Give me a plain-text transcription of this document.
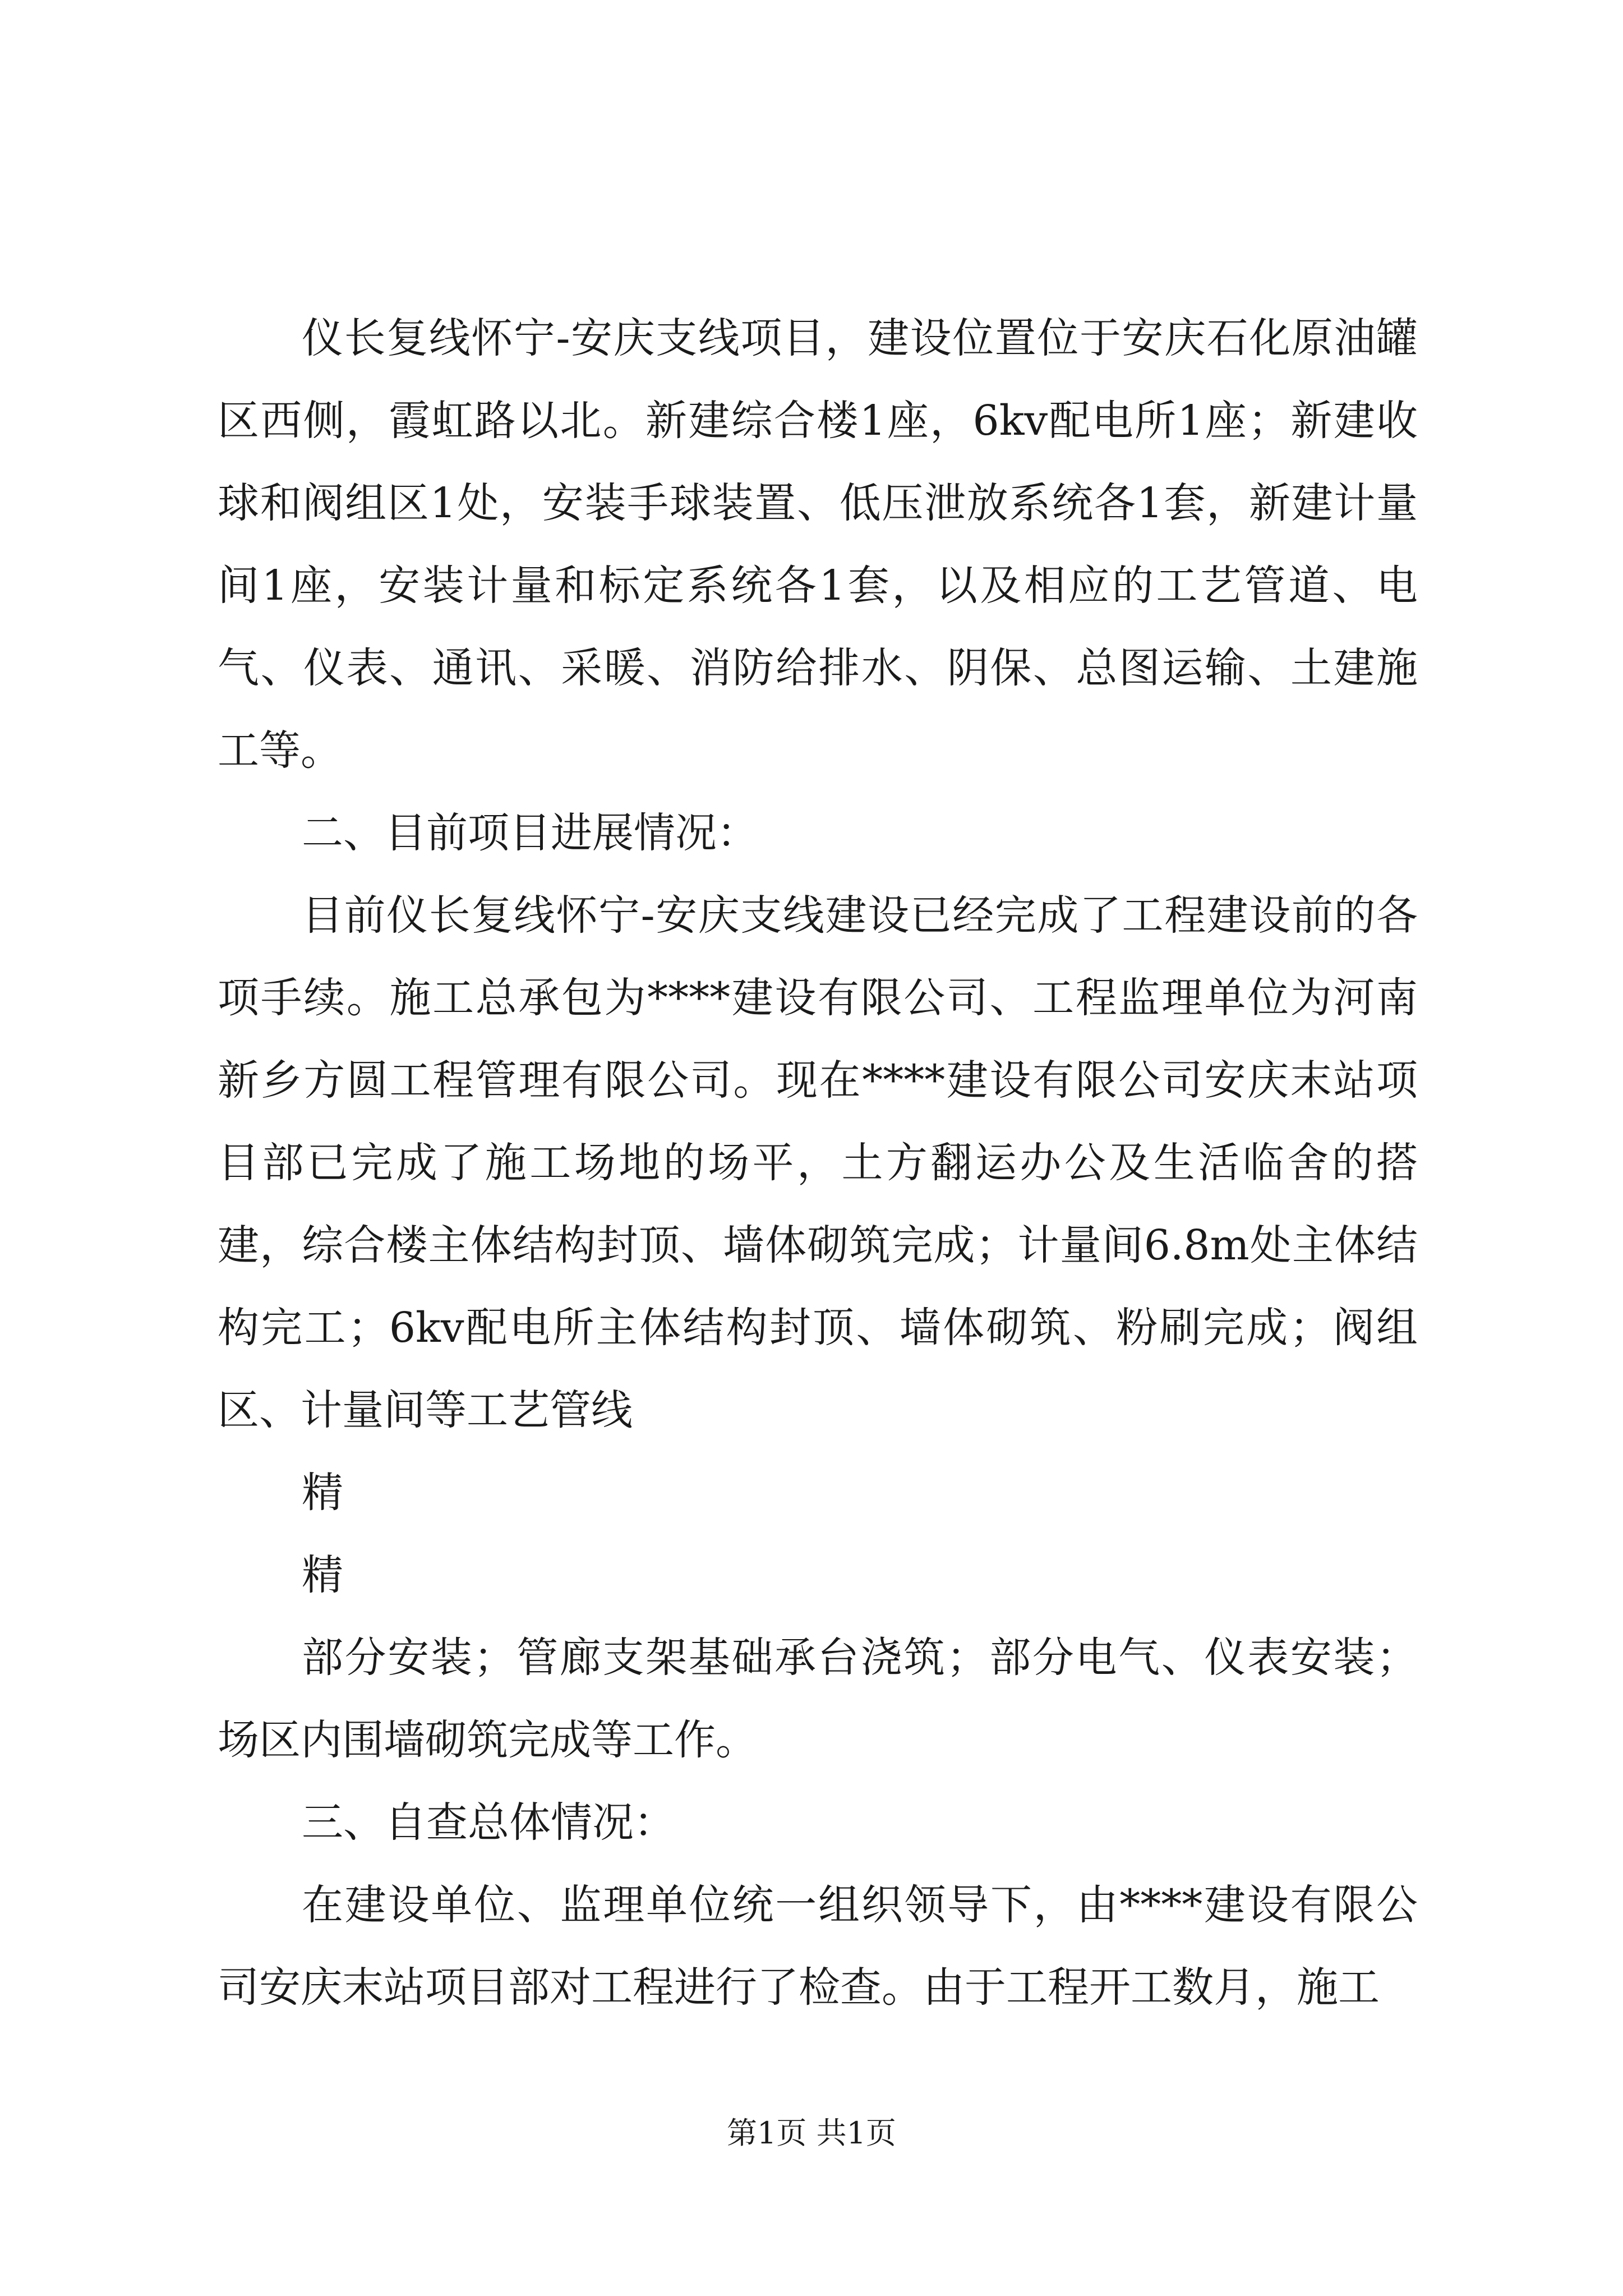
仪长复线怀宁-安庆支线项目，建设位置位于安庆石化原油罐区西侧，霞虹路以北。新建综合楼1座，6kv配电所1座；新建收球和阀组区1处，安装手球装置、低压泄放系统各1套，新建计量间1座，安装计量和标定系统各1套，以及相应的工艺管道、电气、仪表、通讯、采暖、消防给排水、阴保、总图运输、土建施工等。

二、目前项目进展情况：

目前仪长复线怀宁-安庆支线建设已经完成了工程建设前的各项手续。施工总承包为****建设有限公司、工程监理单位为河南新乡方圆工程管理有限公司。现在****建设有限公司安庆末站项目部已完成了施工场地的场平，土方翻运办公及生活临舍的搭建，综合楼主体结构封顶、墙体砌筑完成；计量间6.8m处主体结构完工；6kv配电所主体结构封顶、墙体砌筑、粉刷完成；阀组区、计量间等工艺管线

精

精

部分安装；管廊支架基础承台浇筑；部分电气、仪表安装；场区内围墙砌筑完成等工作。

三、自查总体情况：

在建设单位、监理单位统一组织领导下，由****建设有限公司安庆末站项目部对工程进行了检查。由于工程开工数月，施工

第1页 共1页
